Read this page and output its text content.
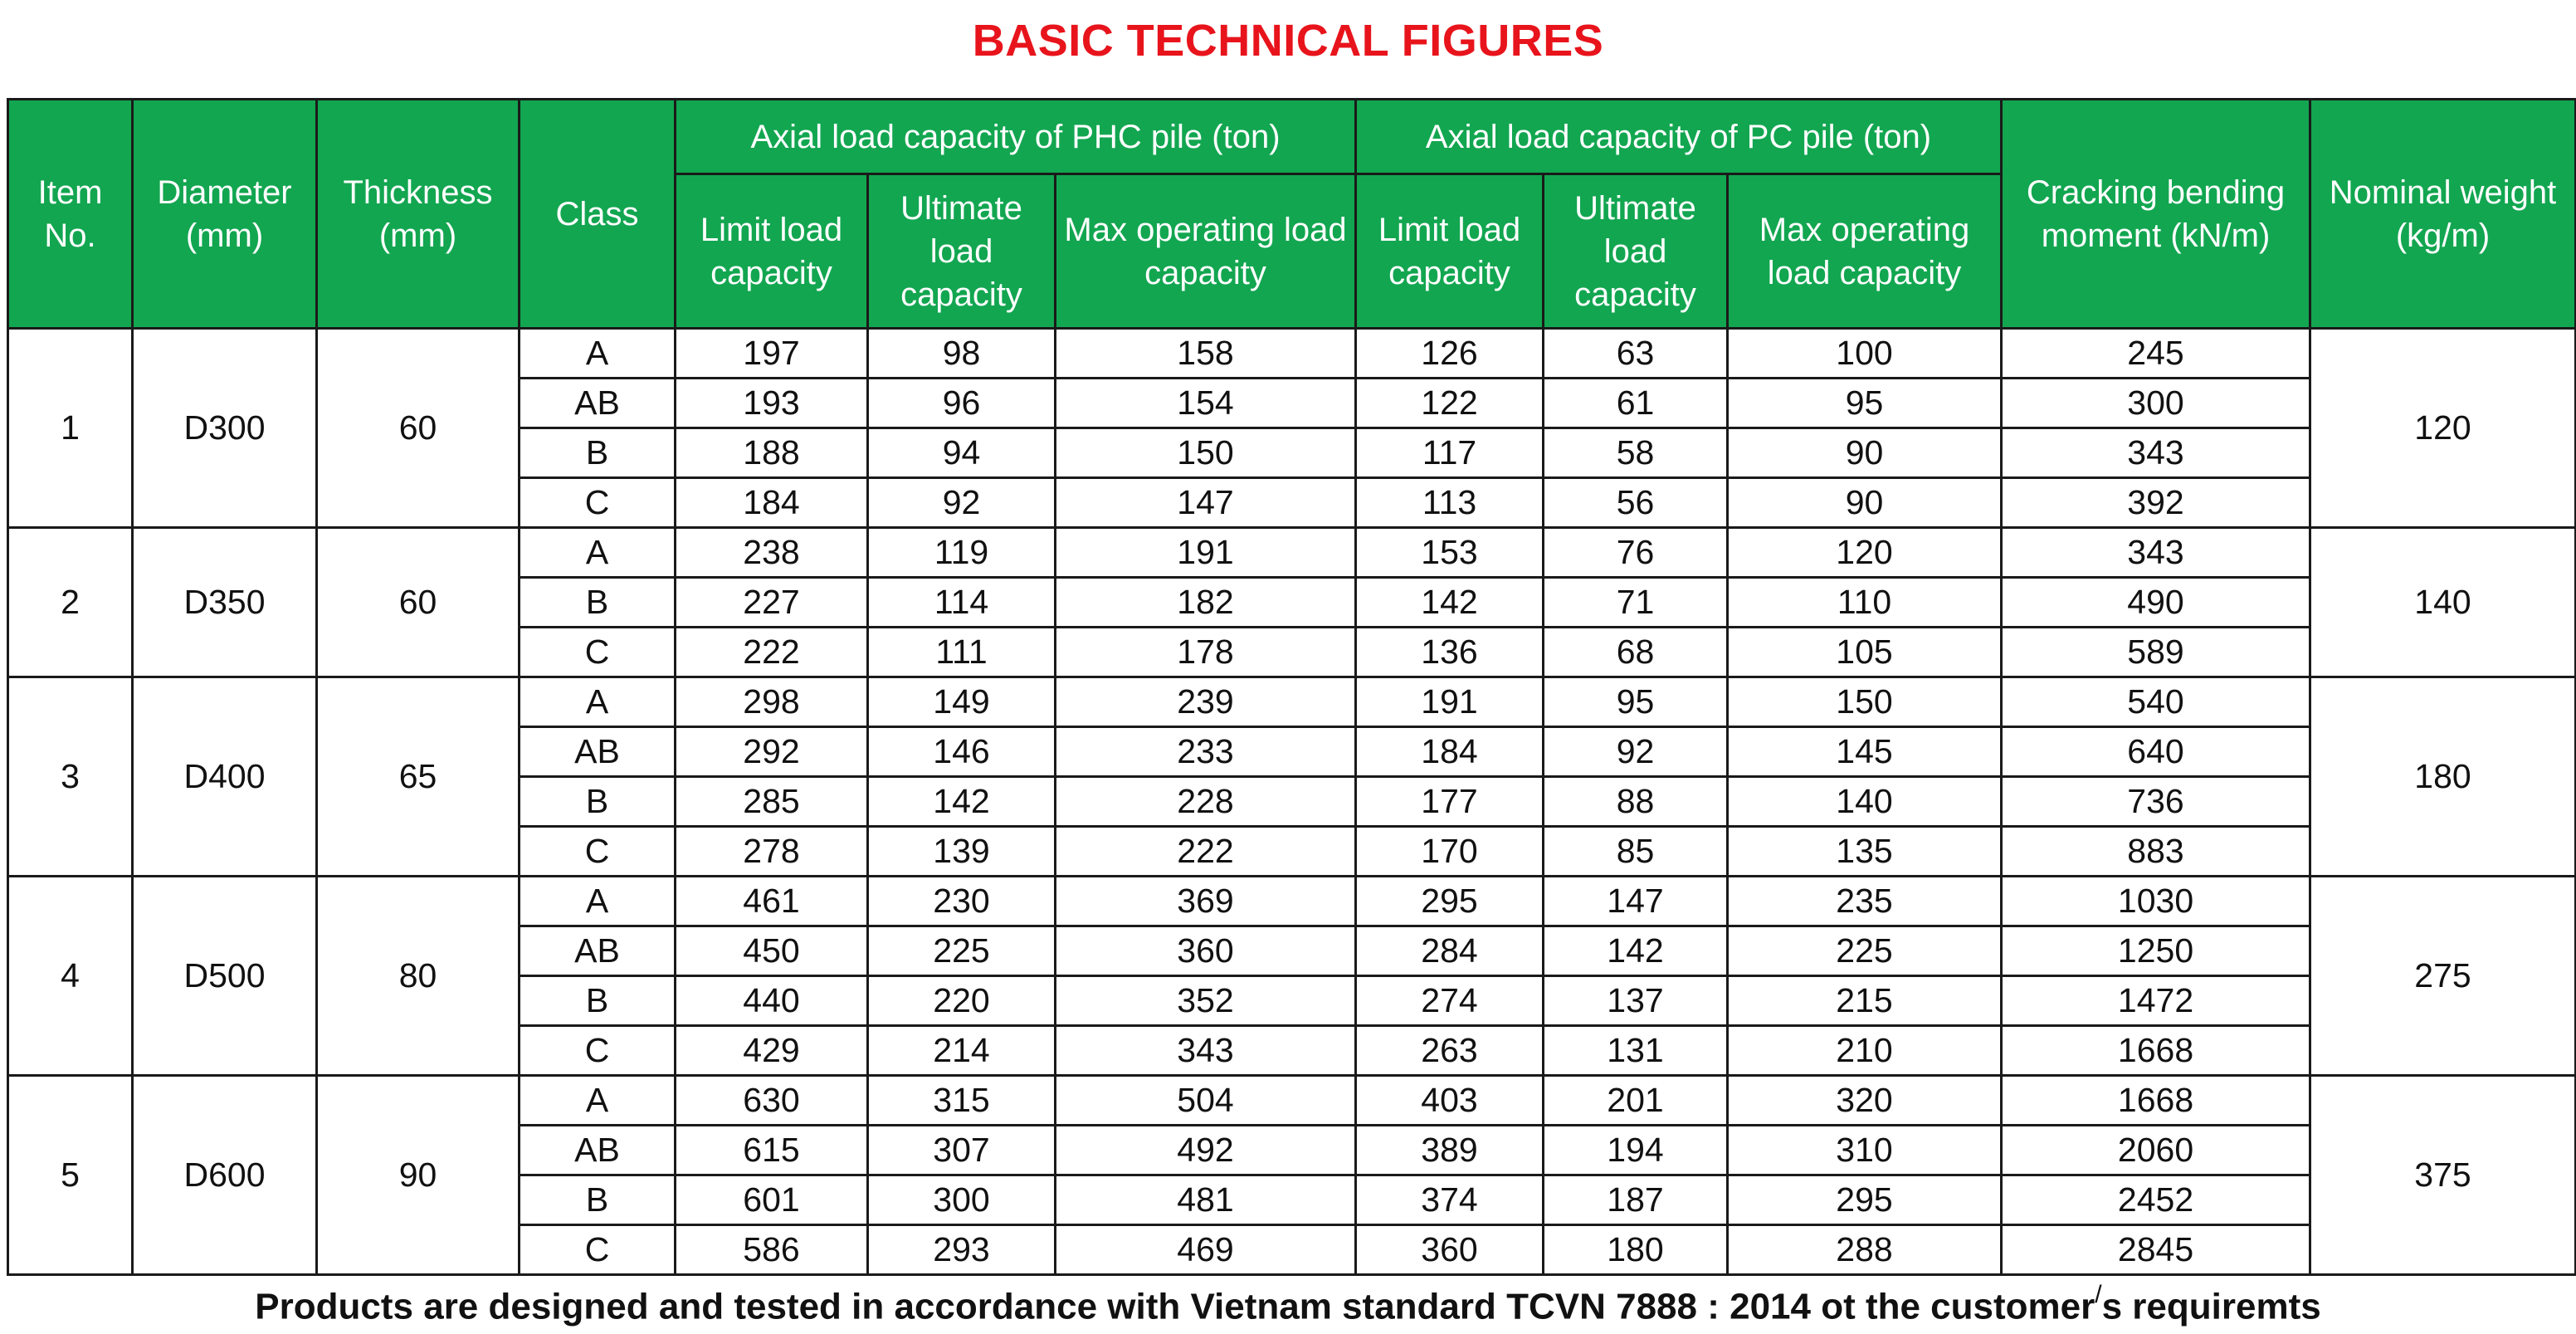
BASIC TECHNICAL FIGURES
Item No.	Diameter (mm)	Thickness (mm)	Class	Axial load capacity of PHC pile (ton)			Axial load capacity of PC pile (ton)			Cracking bending moment (kN/m)	Nominal weight (kg/m)
				Limit load capacity	Ultimate load capacity	Max operating load capacity	Limit load capacity	Ultimate load capacity	Max operating load capacity		
1	D300	60	A	197	98	158	126	63	100	245	120
			AB	193	96	154	122	61	95	300	
			B	188	94	150	117	58	90	343	
			C	184	92	147	113	56	90	392	
2	D350	60	A	238	119	191	153	76	120	343	140
			B	227	114	182	142	71	110	490	
			C	222	111	178	136	68	105	589	
3	D400	65	A	298	149	239	191	95	150	540	180
			AB	292	146	233	184	92	145	640	
			B	285	142	228	177	88	140	736	
			C	278	139	222	170	85	135	883	
4	D500	80	A	461	230	369	295	147	235	1030	275
			AB	450	225	360	284	142	225	1250	
			B	440	220	352	274	137	215	1472	
			C	429	214	343	263	131	210	1668	
5	D600	90	A	630	315	504	403	201	320	1668	375
			AB	615	307	492	389	194	310	2060	
			B	601	300	481	374	187	295	2452	
			C	586	293	469	360	180	288	2845	
Products are designed and tested in accordance with Vietnam standard TCVN 7888 : 2014 ot the customer/s requiremts
